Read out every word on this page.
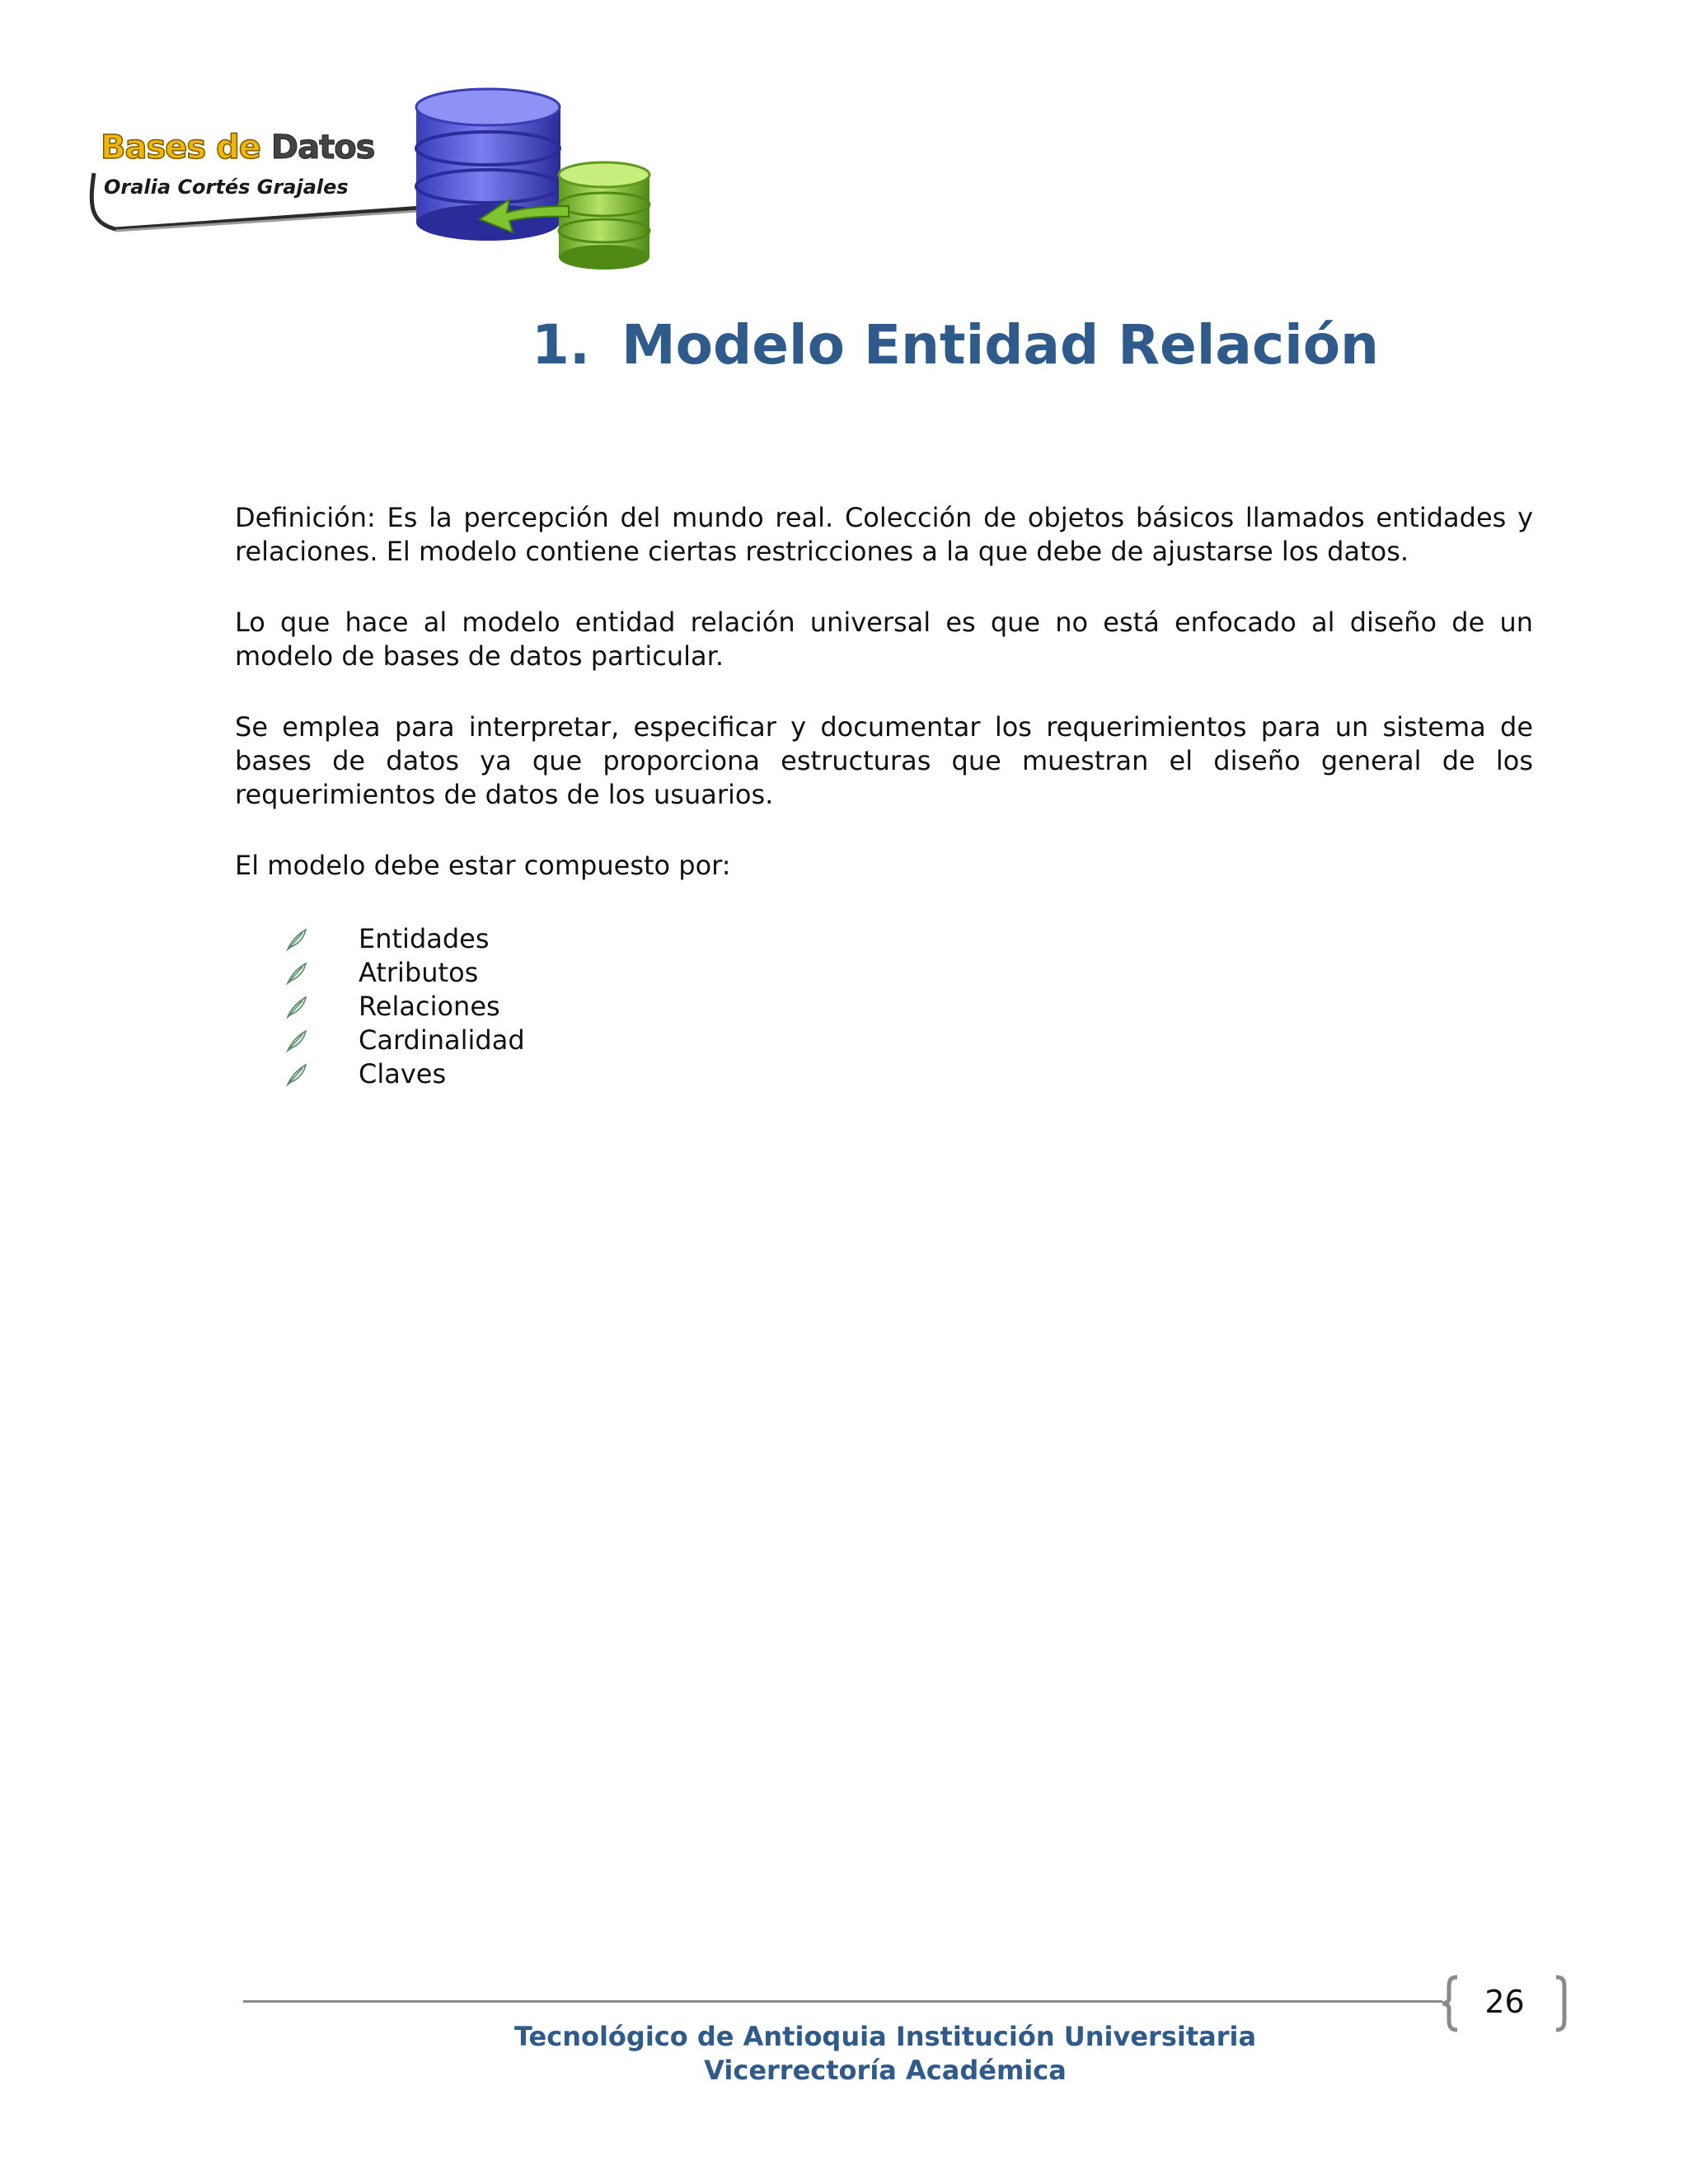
Bases de Datos
Oralia Cortés Grajales
1. Modelo Entidad Relación

Definición: Es la percepción del mundo real. Colección de objetos básicos llamados entidades y relaciones. El modelo contiene ciertas restricciones a la que debe de ajustarse los datos.

Lo que hace al modelo entidad relación universal es que no está enfocado al diseño de un modelo de bases de datos particular.

Se emplea para interpretar, especificar y documentar los requerimientos para un sistema de bases de datos ya que proporciona estructuras que muestran el diseño general de los requerimientos de datos de los usuarios.

El modelo debe estar compuesto por:

Entidades
Atributos
Relaciones
Cardinalidad
Claves
26
Tecnológico de Antioquia Institución Universitaria
Vicerrectoría Académica
